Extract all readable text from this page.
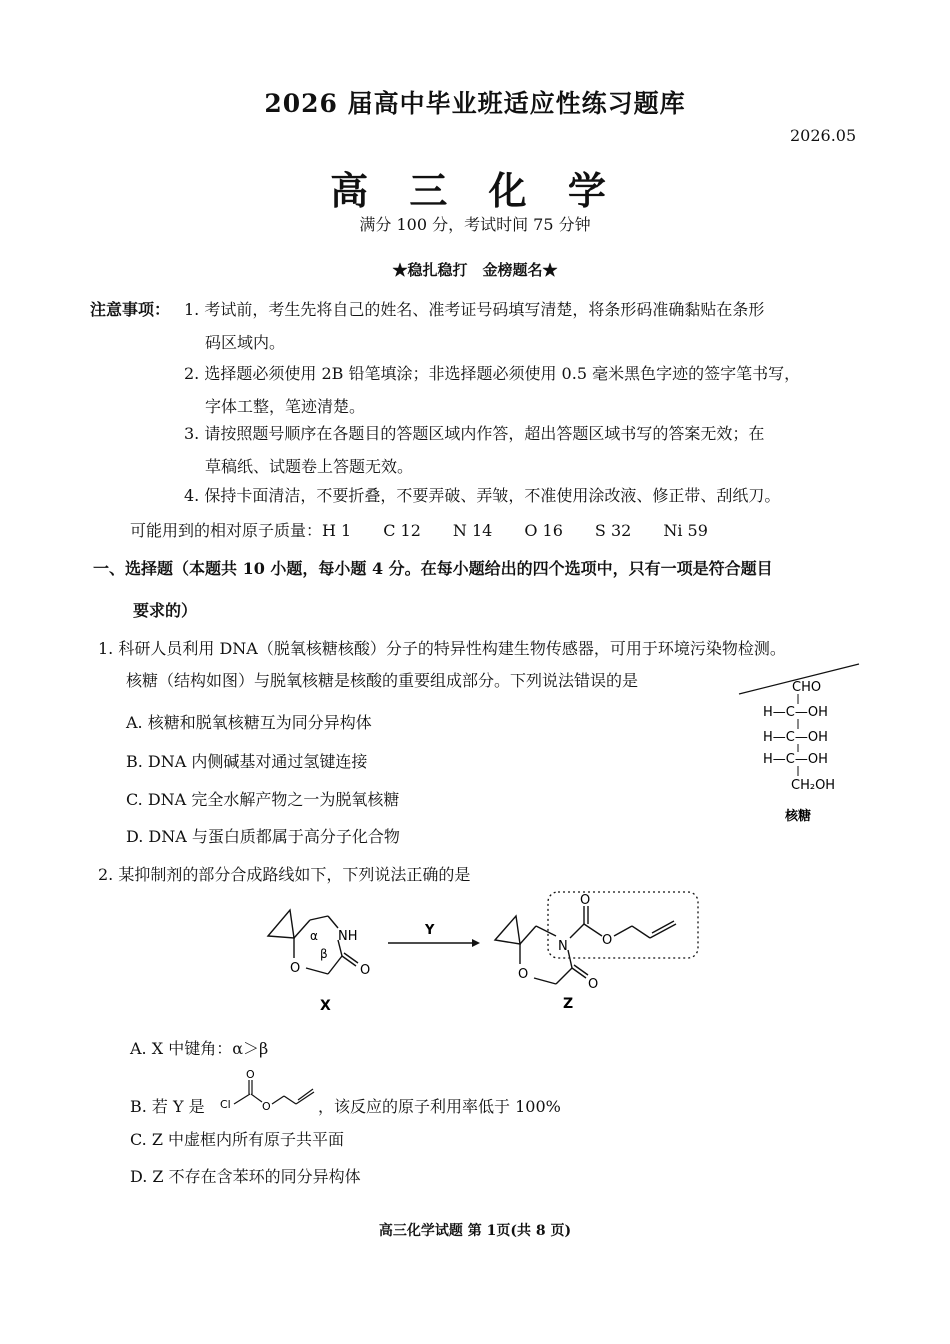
2026 届高中毕业班适应性练习题库
2026.05
高 三 化 学
满分 100 分，考试时间 75 分钟
★稳扎稳打　金榜题名★
注意事项： 1. 考试前，考生先将自己的姓名、准考证号码填写清楚，将条形码准确黏贴在条形
码区域内。
2. 选择题必须使用 2B 铅笔填涂；非选择题必须使用 0.5 毫米黑色字迹的签字笔书写，
字体工整，笔迹清楚。
3. 请按照题号顺序在各题目的答题区域内作答，超出答题区域书写的答案无效；在
草稿纸、试题卷上答题无效。
4. 保持卡面清洁，不要折叠，不要弄破、弄皱，不准使用涂改液、修正带、刮纸刀。
可能用到的相对原子质量：H 1　　C 12　　N 14　　O 16　　S 32　　Ni 59
一、选择题（本题共 10 小题，每小题 4 分。在每小题给出的四个选项中，只有一项是符合题目
要求的）
1. 科研人员利用 DNA（脱氧核糖核酸）分子的特异性构建生物传感器，可用于环境污染物检测。
核糖（结构如图）与脱氧核糖是核酸的重要组成部分。下列说法错误的是
A. 核糖和脱氧核糖互为同分异构体
B. DNA 内侧碱基对通过氢键连接
C. DNA 完全水解产物之一为脱氧核糖
D. DNA 与蛋白质都属于高分子化合物
CHO
H—C—OH
H—C—OH
H—C—OH
CH₂OH
核糖
2. 某抑制剂的部分合成路线如下，下列说法正确的是
NH
O	O
α
β
X
Y
N
O
O
O
O
Z
A. X 中键角：α＞β
B. 若 Y 是 Cl
O
O	，该反应的原子利用率低于 100%
C. Z 中虚框内所有原子共平面
D. Z 不存在含苯环的同分异构体
高三化学试题 第 1页(共 8 页)
